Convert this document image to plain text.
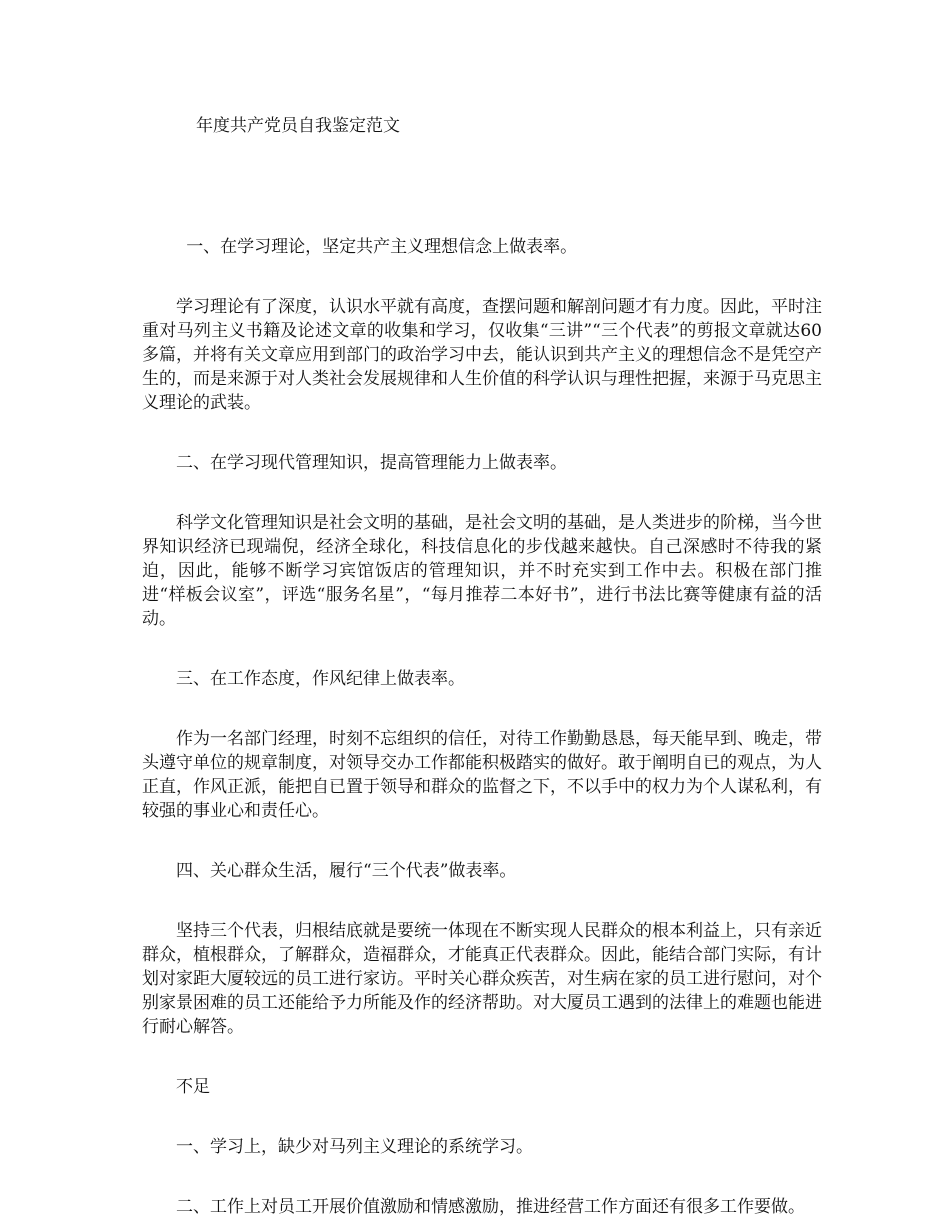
年度共产党员自我鉴定范文

一、在学习理论，坚定共产主义理想信念上做表率。

学习理论有了深度，认识水平就有高度，查摆问题和解剖问题才有力度。因此，平时注重对马列主义书籍及论述文章的收集和学习，仅收集“三讲”“三个代表”的剪报文章就达60多篇，并将有关文章应用到部门的政治学习中去，能认识到共产主义的理想信念不是凭空产生的，而是来源于对人类社会发展规律和人生价值的科学认识与理性把握，来源于马克思主义理论的武装。

二、在学习现代管理知识，提高管理能力上做表率。

科学文化管理知识是社会文明的基础，是社会文明的基础，是人类进步的阶梯，当今世界知识经济已现端倪，经济全球化，科技信息化的步伐越来越快。自己深感时不待我的紧迫，因此，能够不断学习宾馆饭店的管理知识，并不时充实到工作中去。积极在部门推进“样板会议室”，评选“服务名星”，“每月推荐二本好书”，进行书法比赛等健康有益的活动。

三、在工作态度，作风纪律上做表率。

作为一名部门经理，时刻不忘组织的信任，对待工作勤勤恳恳，每天能早到、晚走，带头遵守单位的规章制度，对领导交办工作都能积极踏实的做好。敢于阐明自已的观点，为人正直，作风正派，能把自已置于领导和群众的监督之下，不以手中的权力为个人谋私利，有较强的事业心和责任心。

四、关心群众生活，履行“三个代表”做表率。

坚持三个代表，归根结底就是要统一体现在不断实现人民群众的根本利益上，只有亲近群众，植根群众，了解群众，造福群众，才能真正代表群众。因此，能结合部门实际，有计划对家距大厦较远的员工进行家访。平时关心群众疾苦，对生病在家的员工进行慰问，对个别家景困难的员工还能给予力所能及作的经济帮助。对大厦员工遇到的法律上的难题也能进行耐心解答。

不足

一、学习上，缺少对马列主义理论的系统学习。

二、工作上对员工开展价值激励和情感激励，推进经营工作方面还有很多工作要做。
